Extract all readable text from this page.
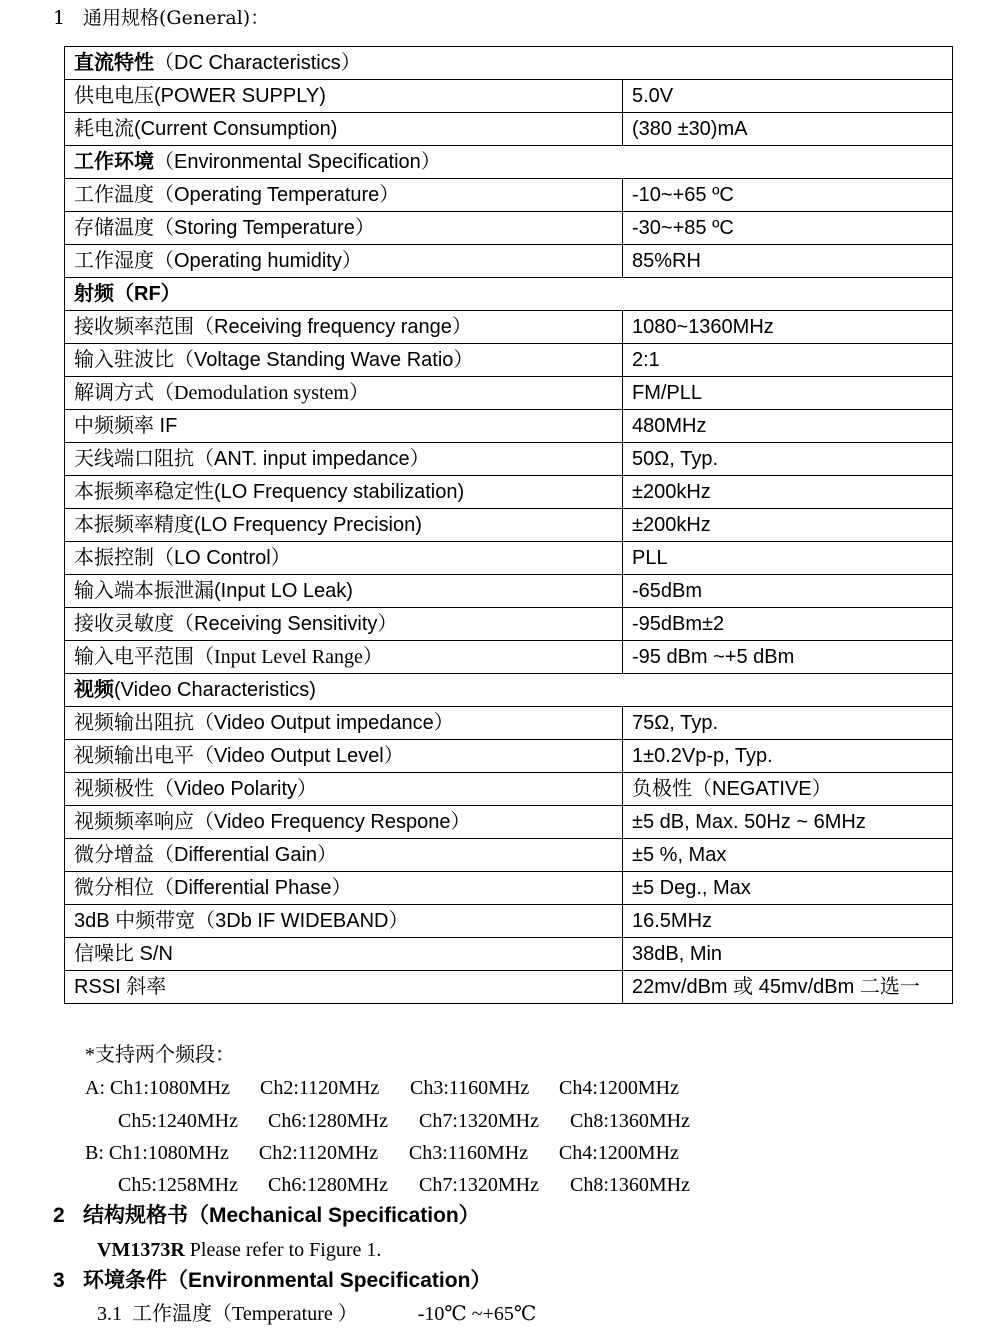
1 通用规格(General)：
直流特性（DC Characteristics）	
供电电压(POWER SUPPLY)	5.0V
耗电流(Current Consumption)	(380 ±30)mA
工作环境（Environmental Specification）	
工作温度（Operating Temperature）	-10~+65 ºC
存储温度（Storing Temperature）	-30~+85 ºC
工作湿度（Operating humidity）	85%RH
射频（RF）	
接收频率范围（Receiving frequency range）	1080~1360MHz
输入驻波比（Voltage Standing Wave Ratio）	2:1
解调方式（Demodulation system）	FM/PLL
中频频率 IF	480MHz
天线端口阻抗（ANT. input impedance）	50Ω, Typ.
本振频率稳定性(LO Frequency stabilization)	±200kHz
本振频率精度(LO Frequency Precision)	±200kHz
本振控制（LO Control）	PLL
输入端本振泄漏(Input LO Leak)	-65dBm
接收灵敏度（Receiving Sensitivity）	-95dBm±2
输入电平范围（Input Level Range）	-95 dBm ~+5 dBm
视频(Video Characteristics)	
视频输出阻抗（Video Output impedance）	75Ω, Typ.
视频输出电平（Video Output Level）	1±0.2Vp-p, Typ.
视频极性（Video Polarity）	负极性（NEGATIVE）
视频频率响应（Video Frequency Respone）	±5 dB, Max. 50Hz ~ 6MHz
微分增益（Differential Gain）	±5 %, Max
微分相位（Differential Phase）	±5 Deg., Max
3dB 中频带宽（3Db IF WIDEBAND）	16.5MHz
信噪比 S/N	38dB, Min
RSSI 斜率	22mv/dBm 或 45mv/dBm 二选一
*支持两个频段：
A: Ch1:1080MHz Ch2:1120MHz Ch3:1160MHz Ch4:1200MHz
Ch5:1240MHz Ch6:1280MHz Ch7:1320MHz Ch8:1360MHz
B: Ch1:1080MHz Ch2:1120MHz Ch3:1160MHz Ch4:1200MHz
Ch5:1258MHz Ch6:1280MHz Ch7:1320MHz Ch8:1360MHz
2 结构规格书（Mechanical Specification）
VM1373R Please refer to Figure 1.
3 环境条件（Environmental Specification）
3.1 工作温度（Temperature ）	-10℃ ~+65℃
